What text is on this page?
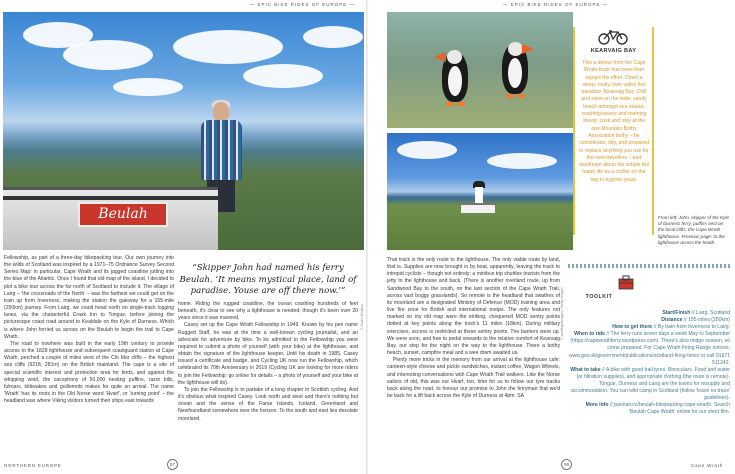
— EPIC BIKE RIDES OF EUROPE —
Beulah

Fellowship, as part of a three-day bikepacking tour. Our own journey into the wilds of Scotland was inspired by a 1971–75 Ordnance Survey Second Series Map: in particular, Cape Wrath and its jagged coastline jutting into the blue of the Atlantic. Once I found that old map of the island, I decided to plot a bike tour across the far north of Scotland to include it. The village of Lairg – 'the crossroads of the North' – was the farthest we could get on the train up from Inverness, making the station the gateway for a 155-mile (250km) journey. From Lairg, we could head north on single-track logging lanes, via the characterful Crask Inn to Tongue, before joining the picturesque coast road around to Kealdale on the Kyle of Durness. Which is where John ferried us across on the Beulah to begin the trail to Cape Wrath.

The road to nowhere was built in the early 19th century to provide access to the 1828 lighthouse and subsequent coastguard station at Cape Wrath, perched a couple of miles west of the Clo Mor cliffs – the highest sea cliffs (921ft, 281m) on the British mainland. The cape is a site of special scientific interest and protection area for birds, and against the whipping wind, the cacophony of 50,000 nesting puffins, razor bills, fulmars, kittiwakes and guillemots makes for quite an arrival. The name 'Wrath' has its roots in the Old Norse word 'Hvarf', or 'turning point' – the headland was where Viking visitors turned their ships east towards

“Skipper John had named his ferry Beulah. ‘It means mystical place, land of paradise. Youse are off there now.’”

home. Riding the rugged coastline, the ocean crashing hundreds of feet beneath, it's clear to see why a lighthouse is needed, though it's been over 20 years since it was manned.

Casey set up the Cape Wrath Fellowship in 1949. Known by his pen name Rugged Staff, he was at the time a well-known cycling journalist, and an advocate for adventure by bike. To be admitted to the Fellowship you were required to submit a photo of yourself (with your bike) at the lighthouse, and obtain the signature of the lighthouse keeper. Until his death in 1985, Casey issued a certificate and badge, and Cycling UK now run the Fellowship, which celebrated its 70th Anniversary in 2019 (Cycling UK are looking for more riders to join the Fellowship: go online for details – a photo of yourself and your bike at the lighthouse will do).

To join the Fellowship is to partake of a long chapter in Scottish cycling. And it's obvious what inspired Casey. Look north and west and there's nothing but ocean and the sense of the Faroe Islands, Iceland, Greenland and Newfoundland somewhere over the horizon. To the south and east lies desolate moorland.

© Justin Watkins
NORTHERN EUROPE	57
— EPIC BIKE RIDES OF EUROPE —
KEARVAIG BAY
This a detour from the Cape Wrath track that more than repays the effort. Down a steep, rocky, river valley lies paradise: Kearvaig Bay. Chill and swim on the wide, sandy beach amongst sea stacks, crashing waves and roaming sheep; cook and stay at the one Mountain Bothy Association bothy – be considerate, tidy, and prepared to replace anything you use for the next travellers – and daydream about the simple but harsh life as a crofter on the bay in bygone years.
From left: John, skipper of the Kyle of Durness ferry; puffins nest on the local cliffs; the Cape Wrath lighthouse. Previous page: to the lighthouse across the heath

That track is the only route to the lighthouse. The only viable route by land, that is. Supplies are now brought in by boat, apparently, leaving the track to intrepid cyclists – though not entirely: a minibus trip shuttles tourists from the jetty to the lighthouse and back. (There is another overland route, up from Sandwood Bay to the south, on the last section of the Cape Wrath Trail, across vast boggy grasslands). So remote is the headland that swathes of its moorland are a designated Ministry of Defence (MOD) training area and live fire zone for British and international troops. The only features not marked on my old map were the striking, chequered MOD sentry points dotted at key points along the track's 11 miles (18km). During military exercises, access is restricted at these sentry points. The barriers were up. We were soon, and free to pedal onwards to the relative comfort of Kearvaig Bay, our stop for the night on the way to the lighthouse. There a bothy beach, sunset, campfire meal and a wee dram awaited us.

Plenty more tricks in the memory from our arrival at the lighthouse cafe: canteen-style cheese and pickle sandwiches, instant coffee, Wagon Wheels, and interesting conversations with Cape Wrath Trail walkers. Like the Norse sailors of old, this was our Hvarf, too, time for us to follow our tyre tracks back along the road, to honour our promise to John the ferryman that we'd be back for a lift back across the Kyle of Durness at 4pm. SA

© saraflightimages / Getty Images	TOOLKIT
Start/Finish // Lairg, Scotland
Distance // 155 miles (250km)
How to get there // By train from Inverness to Lairg.
When to ride // The ferry runs seven days a week May to September (https://capewrathferry.wordpress.com). There's also midge season, so come prepared. For Cape Wrath Firing Range notices: www.gov.uk/government/publications/scotland-firing-times or call 01971 511242.
What to take // A bike with good trail tyres. Binoculars. Food and water (or filtration supplies), and appropriate clothing (the route is remote). Tongue, Durness and Lairg are the towns for resupply and accommodation. You can wild camp in Scotland (follow 'leave no trace' guidelines).
More info // pannier.cc/beulah-bikepacking-cape-wrath/. Search 'Beulah Cape Wrath' online for our short film.
59	Cape Wrath
